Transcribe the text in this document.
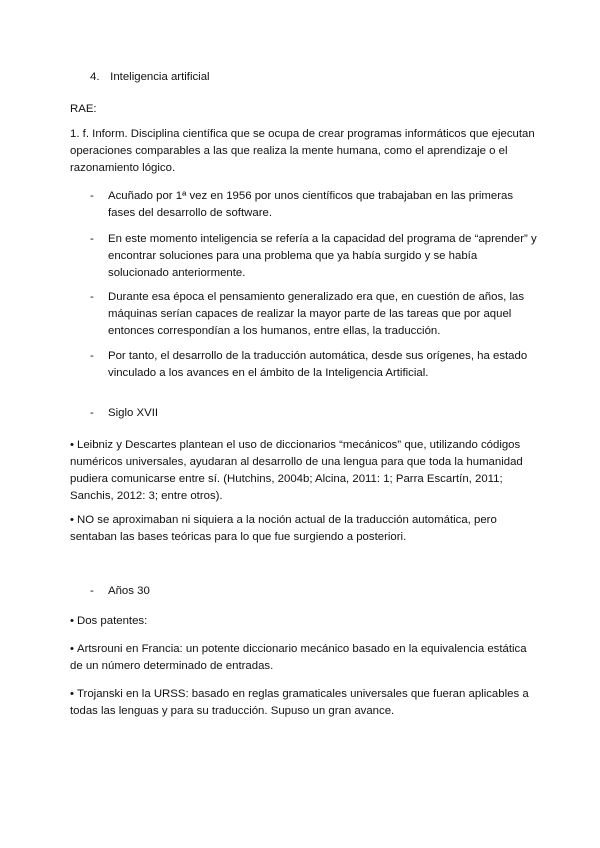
4. Inteligencia artificial
RAE:
1. f. Inform. Disciplina científica que se ocupa de crear programas informáticos que ejecutan operaciones comparables a las que realiza la mente humana, como el aprendizaje o el razonamiento lógico.
- Acuñado por 1ª vez en 1956 por unos científicos que trabajaban en las primeras fases del desarrollo de software.
- En este momento inteligencia se refería a la capacidad del programa de “aprender” y encontrar soluciones para una problema que ya había surgido y se había solucionado anteriormente.
- Durante esa época el pensamiento generalizado era que, en cuestión de años, las máquinas serían capaces de realizar la mayor parte de las tareas que por aquel entonces correspondían a los humanos, entre ellas, la traducción.
- Por tanto, el desarrollo de la traducción automática, desde sus orígenes, ha estado vinculado a los avances en el ámbito de la Inteligencia Artificial.
- Siglo XVII
• Leibniz y Descartes plantean el uso de diccionarios “mecánicos” que, utilizando códigos numéricos universales, ayudaran al desarrollo de una lengua para que toda la humanidad pudiera comunicarse entre sí. (Hutchins, 2004b; Alcina, 2011: 1; Parra Escartín, 2011; Sanchis, 2012: 3; entre otros).
• NO se aproximaban ni siquiera a la noción actual de la traducción automática, pero sentaban las bases teóricas para lo que fue surgiendo a posteriori.
- Años 30
• Dos patentes:
• Artsrouni en Francia: un potente diccionario mecánico basado en la equivalencia estática de un número determinado de entradas.
• Trojanski en la URSS: basado en reglas gramaticales universales que fueran aplicables a todas las lenguas y para su traducción. Supuso un gran avance.
